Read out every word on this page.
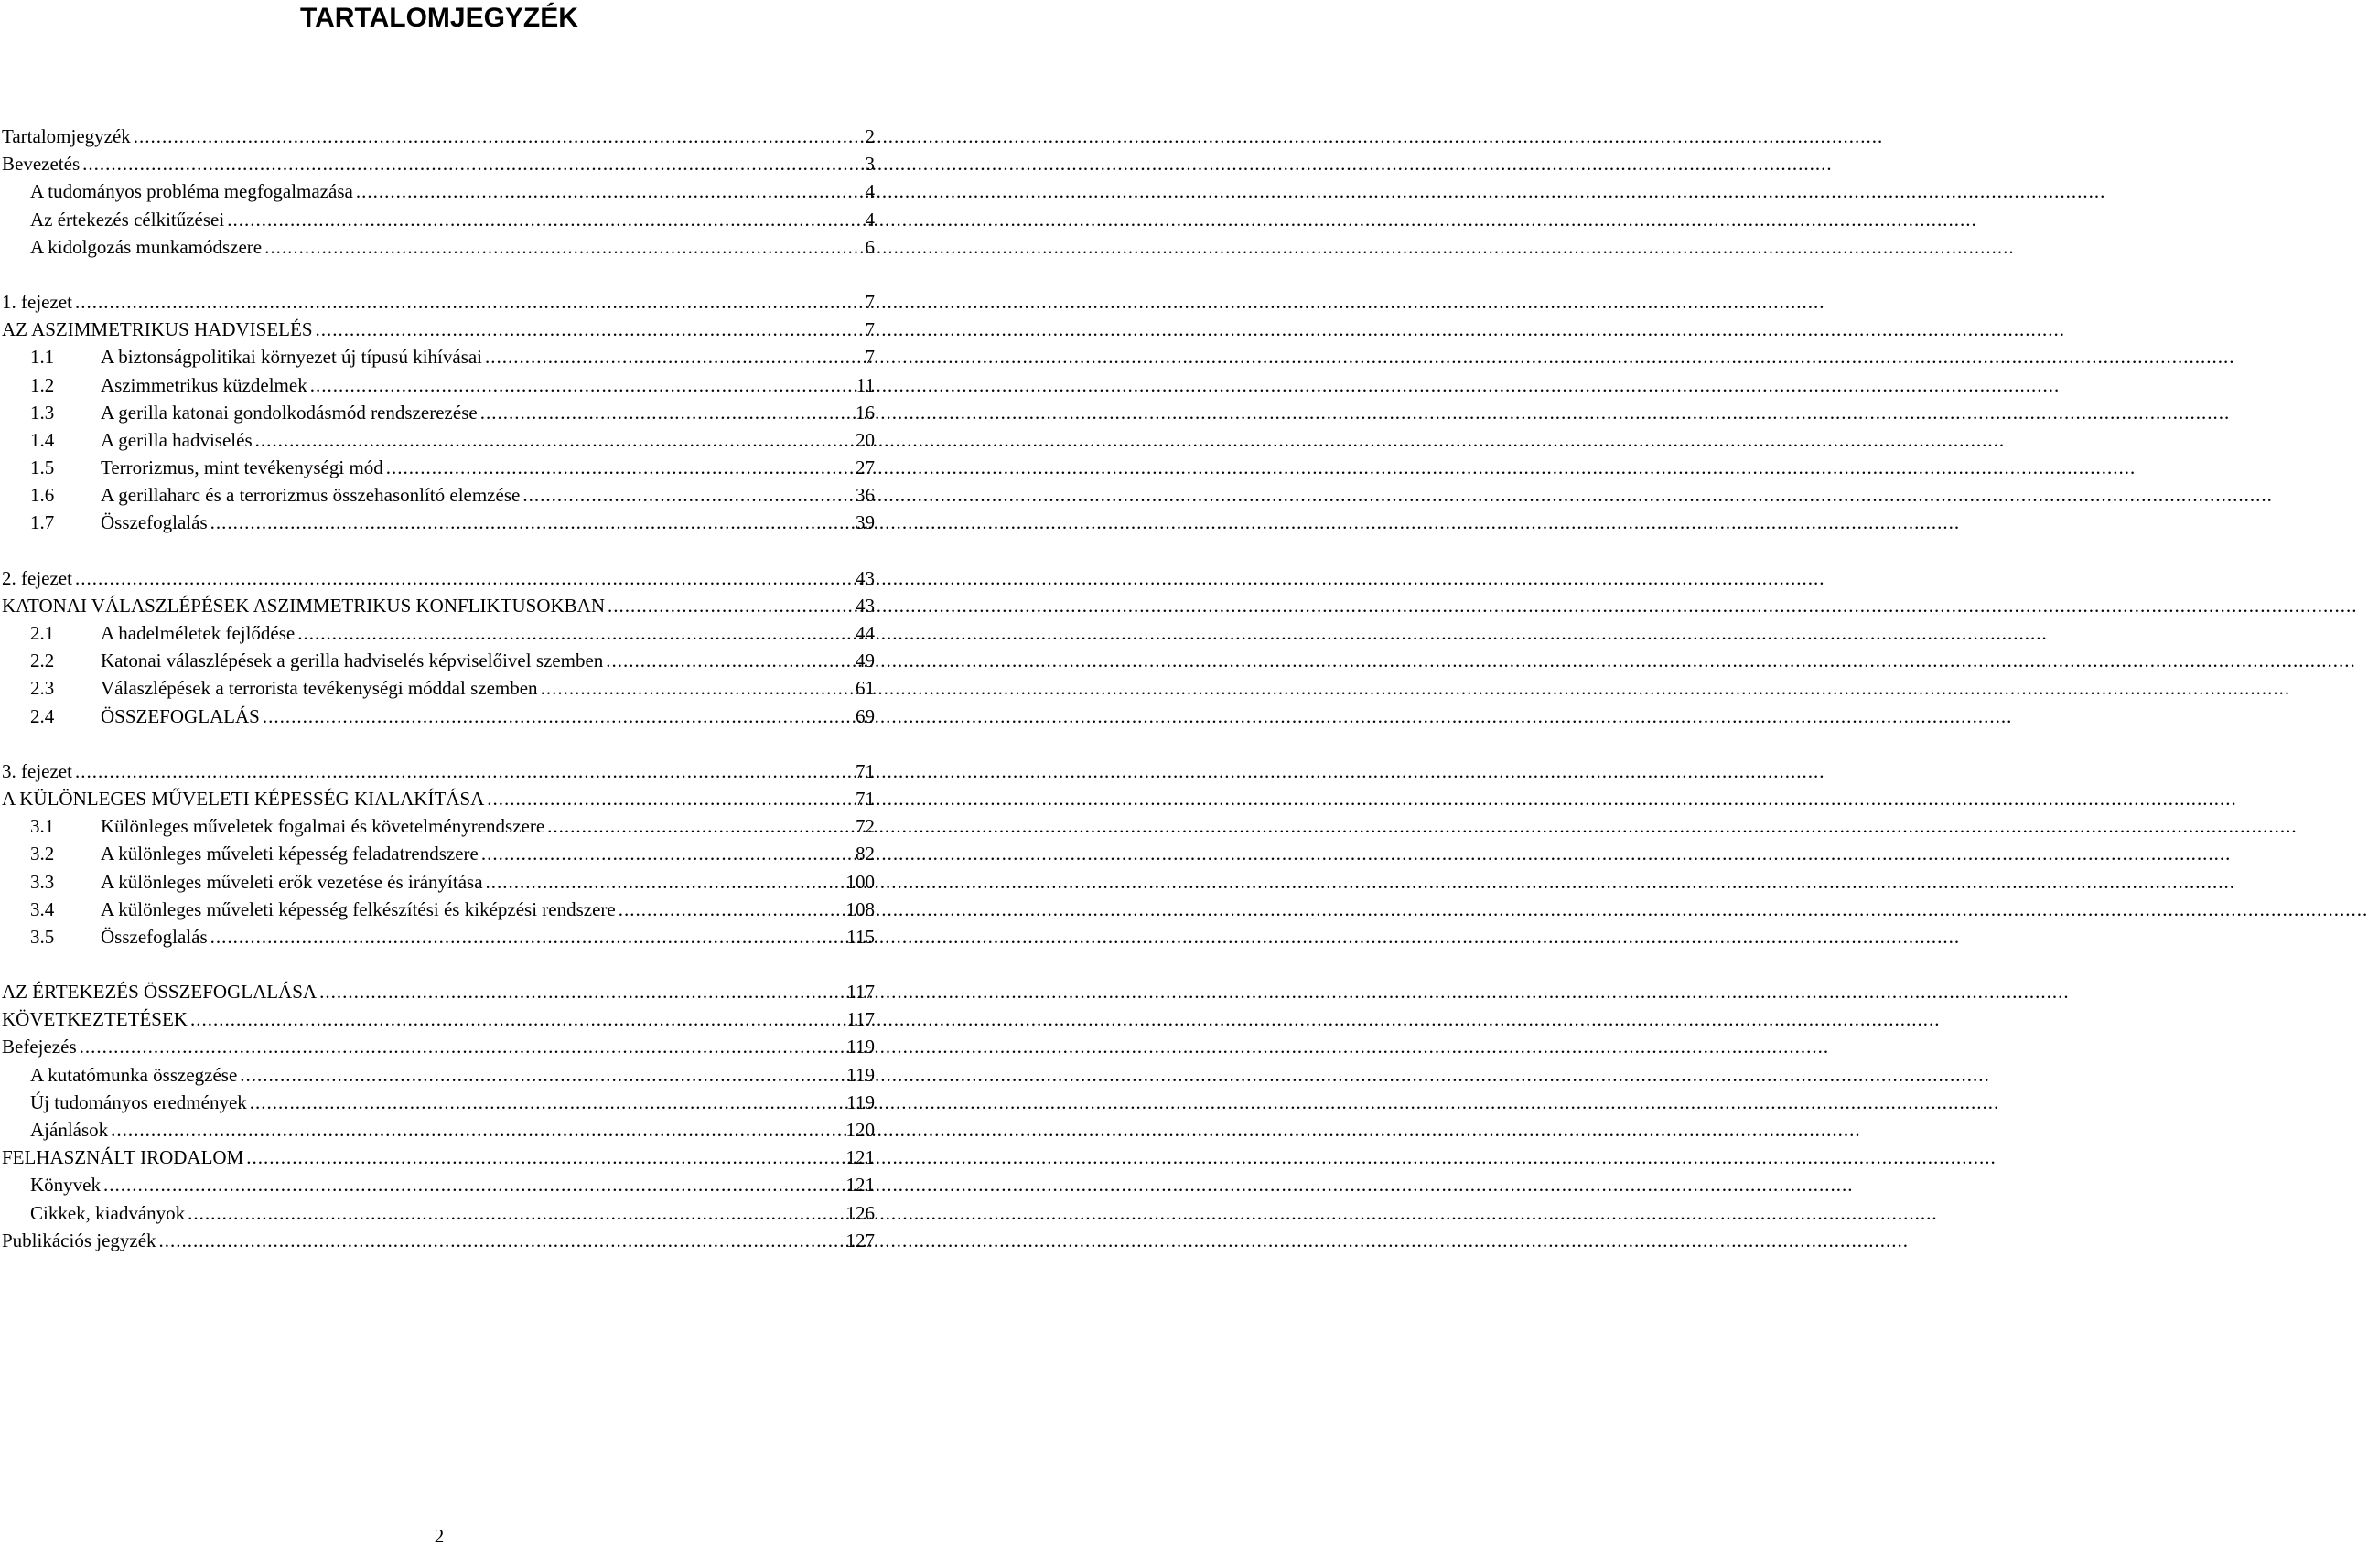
TARTALOMJEGYZÉK
Tartalomjegyzék .....	2
Bevezetés .....	3
A tudományos probléma megfogalmazása .....	4
Az értekezés célkitűzései .....	4
A kidolgozás munkamódszere .....	6
1. fejezet .....	7
AZ ASZIMMETRIKUS HADVISELÉS .....	7
1.1	A biztonságpolitikai környezet új típusú kihívásai .....	7
1.2	Aszimmetrikus küzdelmek .....	11
1.3	A gerilla katonai gondolkodásmód rendszerezése .....	16
1.4	A gerilla hadviselés .....	20
1.5	Terrorizmus, mint tevékenységi mód .....	27
1.6	A gerillaharc és a terrorizmus összehasonlító elemzése .....	36
1.7	Összefoglalás .....	39
2. fejezet .....	43
KATONAI VÁLASZLÉPÉSEK ASZIMMETRIKUS KONFLIKTUSOKBAN .....	43
2.1	A hadelméletek fejlődése .....	44
2.2	Katonai válaszlépések a gerilla hadviselés képviselőivel szemben .....	49
2.3	Válaszlépések a terrorista tevékenységi móddal szemben .....	61
2.4	ÖSSZEFOGLALÁS .....	69
3. fejezet .....	71
A KÜLÖNLEGES MŰVELETI KÉPESSÉG KIALAKÍTÁSA .....	71
3.1	Különleges műveletek fogalmai és követelményrendszere .....	72
3.2	A különleges műveleti képesség feladatrendszere .....	82
3.3	A különleges műveleti erők vezetése és irányítása .....	100
3.4	A különleges műveleti képesség felkészítési és kiképzési rendszere .....	108
3.5	Összefoglalás .....	115
AZ ÉRTEKEZÉS ÖSSZEFOGLALÁSA .....	117
KÖVETKEZTETÉSEK .....	117
Befejezés .....	119
A kutatómunka összegzése .....	119
Új tudományos eredmények .....	119
Ajánlások .....	120
FELHASZNÁLT IRODALOM .....	121
Könyvek .....	121
Cikkek, kiadványok .....	126
Publikációs jegyzék .....	127
2
